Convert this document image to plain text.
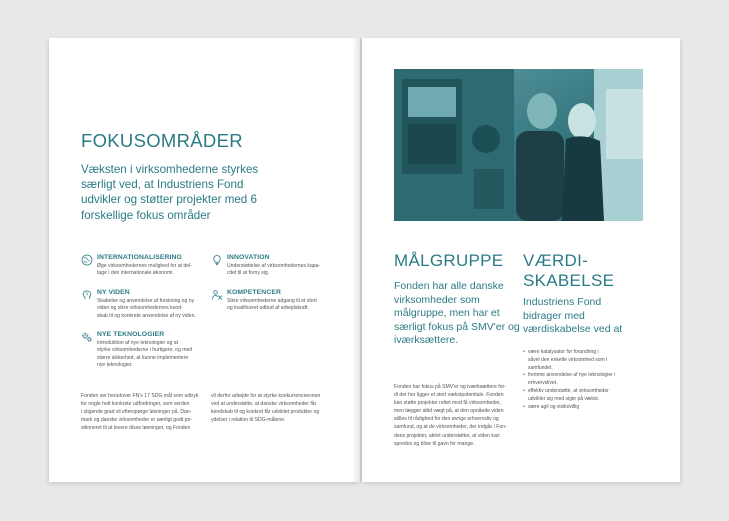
FOKUSOMRÅDER
Væksten i virksomhederne styrkes særligt ved, at Industriens Fond udvikler og støtter projekter med 6 forskellige fokus områder
INTERNATIONALISERING
Øge virksomhedernes mulighed for at del-
tage i den internationale økonomi.
INNOVATION
Understøttelse af virksomhedernes kapa-
citet til at forny sig.
NY VIDEN
Skabelse og anvendelse af forskning og ny
viden og sikre virksomhedernes kend-
skab til og konkrete anvendelse af ny viden.
KOMPETENCER
Sikre virksomhederne adgang til et stort
og kvalificeret udbud af arbejdskraft.
NYE TEKNOLOGIER
Introduktion af nye teknologier og at
styrke virksomhederne i hurtigere, og med
større sikkerhed, at kunne implementere
nye teknologier.
Fonden ser herudover FN's 17 SDG mål som udtryk
for nogle helt konkrete udfordringer, som verden
i stigende grad vil efterspørge løsninger på. Dan-
mark og danske virksomheder er særligt godt po-
sitioneret til at levere disse løsninger, og Fonden
vil derfor arbejde for at styrke konkurrenceevnen
ved at understøtte, at danske virksomheder får
kendskab til og konkret får udviklet produkter og
ydelser i relation til SDG-målene.
MÅLGRUPPE
Fonden har alle danske virksomheder som målgruppe, men har et særligt fokus på SMV'er og iværksættere.
Fonden har fokus på SMV'er og iværksættere for-
di der her ligger et stort vækstpotentiale. Fonden
kan støtte projekter rettet mod få virksomheder,
men lægger altid vægt på, at den opnåede viden
stilles til rådighed for den øvrige erhvervsliv og
samfund, og at de virksomheder, der indgår i Fon-
dens projekter, aktivt understøtter, at viden kan
spredes og blive til gavn for mange.
VÆRDI-
SKABELSE
Industriens Fond bidrager med værdiskabelse ved at
• være katalysator for forandring i
såvel den enkelte virksomhed som i
samfundet.
• fremme anvendelse af nye teknologier i
erhvervslivet.
• effektiv understøtte, at virksomheder
udvikler sig med sigte på vækst.
• være agil og visikovillig
